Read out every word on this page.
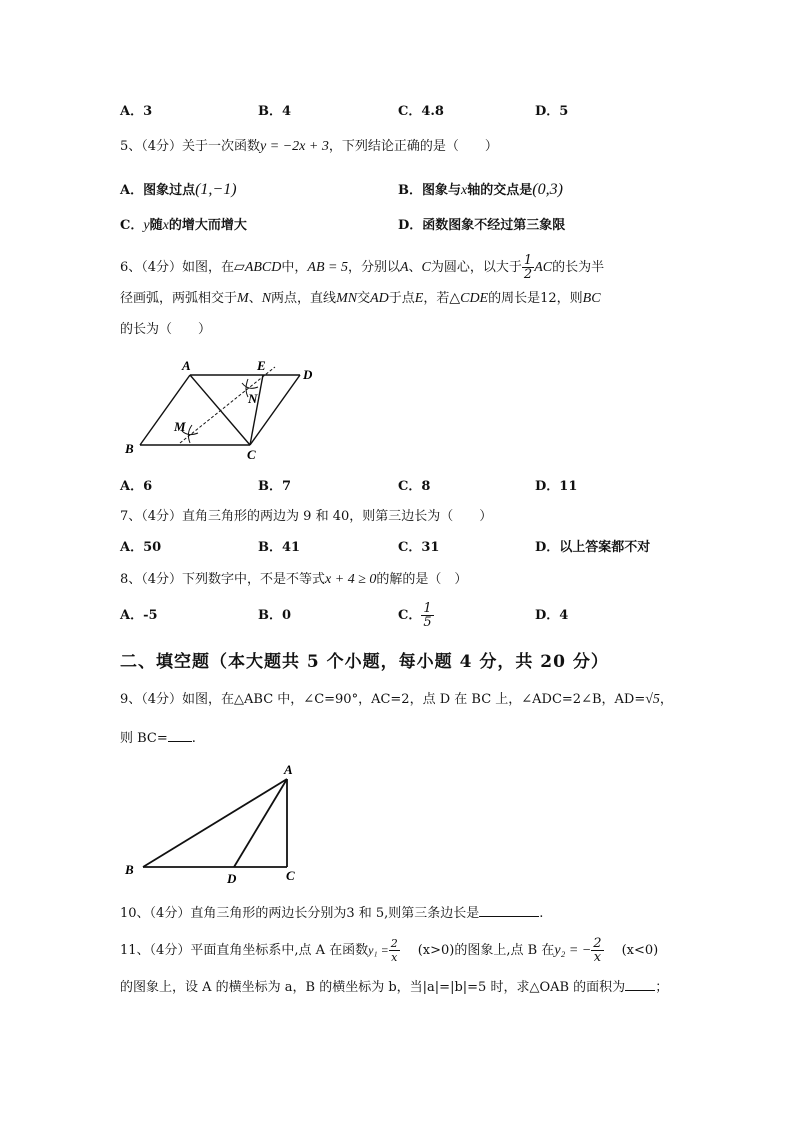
A．3	B．4	C．4.8	D．5
5、（4分）关于一次函数y = −2x + 3，下列结论正确的是（　　）
A．图象过点(1,−1)	B．图象与x轴的交点是(0,3)
C．y随x的增大而增大	D．函数图象不经过第三象限
6、（4分）如图，在▱ABCD中，AB = 5，分别以A、C为圆心，以大于 $\frac{1}{2}$ AC的长为半
径画弧，两弧相交于M、N两点，直线MN交AD于点E，若△CDE的周长是12，则BC
的长为（　　）
A
B	C
D
E
M
N
A．6	B．7	C．8	D．11
7、（4分）直角三角形的两边为 9 和 40，则第三边长为（　　）
A．50	B．41	C．31	D．以上答案都不对
8、（4分）下列数字中，不是不等式x + 4 ≥ 0的解的是（　）
A．-5	B．0	C． $\frac{1}{5}$	D．4
二、填空题（本大题共 5 个小题，每小题 4 分，共 20 分）
9、（4分）如图，在△ABC 中，∠C=90°，AC=2，点 D 在 BC 上，∠ADC=2∠B，AD=√5，
则 BC= .
A
B	C
D
10、（4分）直角三角形的两边长分别为3 和 5,则第三条边长是	.
11、（4分）平面直角坐标系中,点 A 在函数$y_1 = \frac{2}{x} (x>0)$的图象上,点 B 在y₂ = − $\frac{2}{x} (x<0)$
的图象上，设 A 的横坐标为 a，B 的横坐标为 b，当|a|=|b|=5 时，求△OAB 的面积为 ；
